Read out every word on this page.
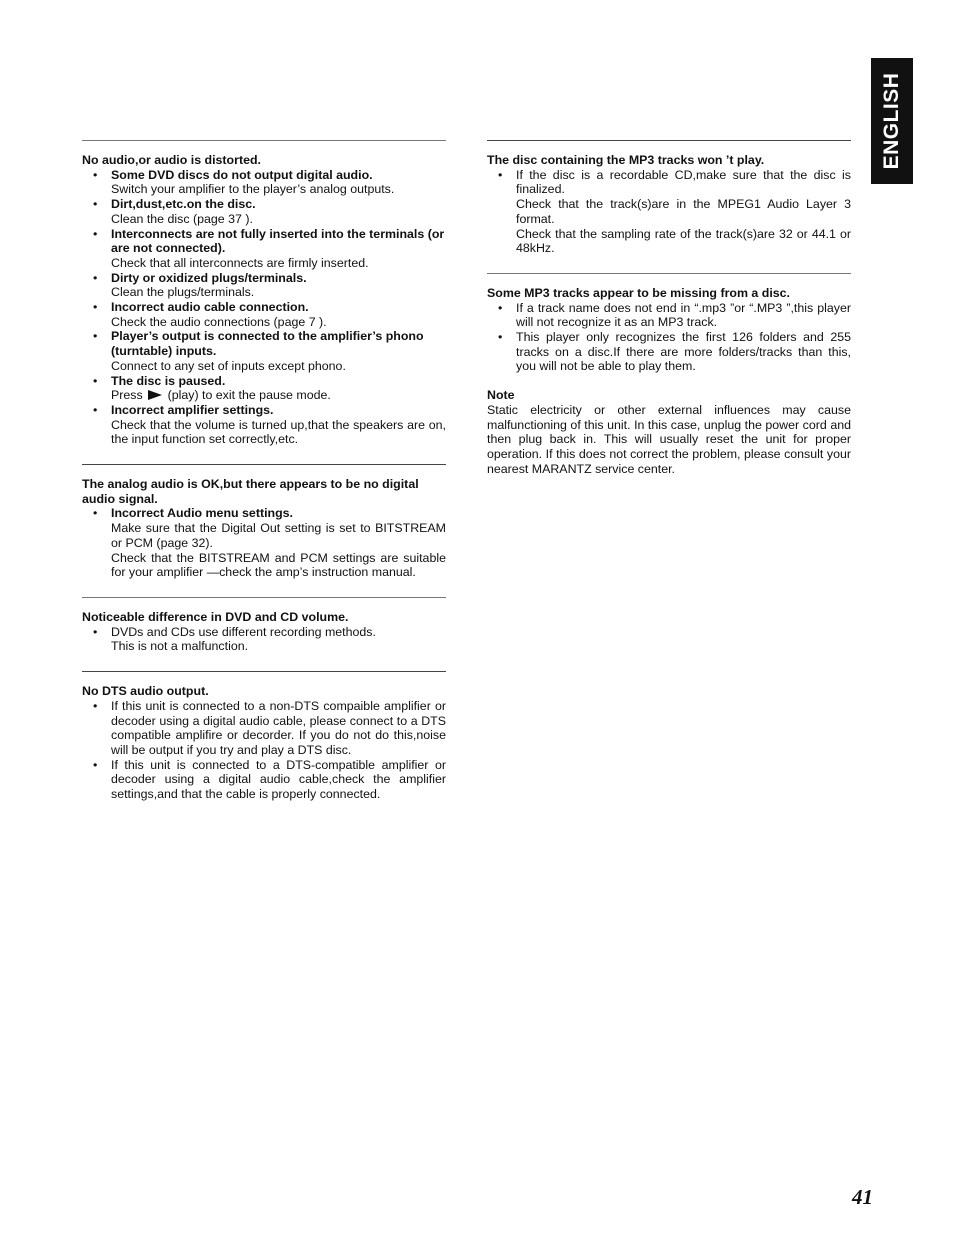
ENGLISH
No audio,or audio is distorted.
• Some DVD discs do not output digital audio.
Switch your amplifier to the player’s analog outputs.
• Dirt,dust,etc.on the disc.
Clean the disc (page 37 ).
• Interconnects are not fully inserted into the terminals (or are not connected).
Check that all interconnects are firmly inserted.
• Dirty or oxidized plugs/terminals.
Clean the plugs/terminals.
• Incorrect audio cable connection.
Check the audio connections (page 7 ).
• Player’s output is connected to the amplifier’s phono (turntable) inputs.
Connect to any set of inputs except phono.
• The disc is paused.
Press (play) to exit the pause mode.
• Incorrect amplifier settings.
Check that the volume is turned up,that the speakers are on, the input function set correctly,etc.
The analog audio is OK,but there appears to be no digital audio signal.
• Incorrect Audio menu settings.
Make sure that the Digital Out setting is set to BITSTREAM or PCM (page 32).
Check that the BITSTREAM and PCM settings are suitable for your amplifier —check the amp’s instruction manual.
Noticeable difference in DVD and CD volume.
• DVDs and CDs use different recording methods.
This is not a malfunction.
No DTS audio output.
• If this unit is connected to a non-DTS compaible amplifier or decoder using a digital audio cable, please connect to a DTS compatible amplifire or decorder. If you do not do this,noise will be output if you try and play a DTS disc.
• If this unit is connected to a DTS-compatible amplifier or decoder using a digital audio cable,check the amplifier settings,and that the cable is properly connected.
The disc containing the MP3 tracks won ’t play.
• If the disc is a recordable CD,make sure that the disc is finalized.
Check that the track(s)are in the MPEG1 Audio Layer 3 format.
Check that the sampling rate of the track(s)are 32 or 44.1 or 48kHz.
Some MP3 tracks appear to be missing from a disc.
• If a track name does not end in “.mp3 ”or “.MP3 ”,this player will not recognize it as an MP3 track.
• This player only recognizes the first 126 folders and 255 tracks on a disc.If there are more folders/tracks than this, you will not be able to play them.
Note
Static electricity or other external influences may cause malfunctioning of this unit. In this case, unplug the power cord and then plug back in. This will usually reset the unit for proper operation. If this does not correct the problem, please consult your nearest MARANTZ service center.
41
